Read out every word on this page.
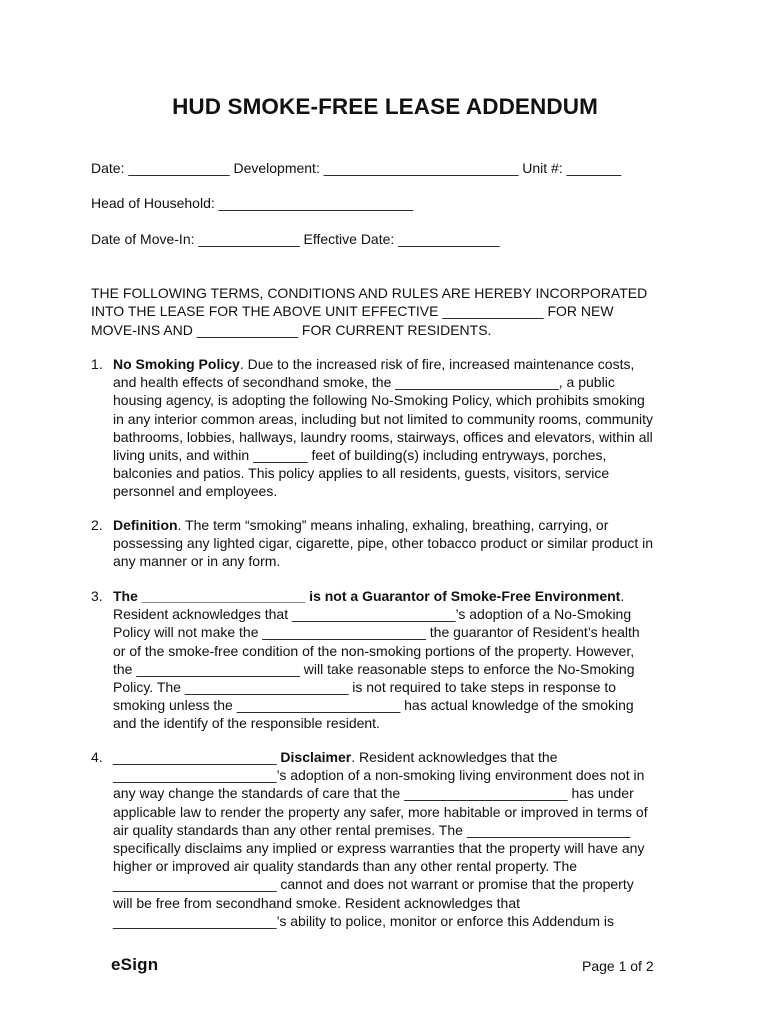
HUD SMOKE-FREE LEASE ADDENDUM
Date: _____________ Development: _________________________ Unit #: _______
Head of Household: _________________________
Date of Move-In: _____________ Effective Date: _____________
THE FOLLOWING TERMS, CONDITIONS AND RULES ARE HEREBY INCORPORATED
INTO THE LEASE FOR THE ABOVE UNIT EFFECTIVE _____________ FOR NEW
MOVE-INS AND _____________ FOR CURRENT RESIDENTS.
1. No Smoking Policy. Due to the increased risk of fire, increased maintenance costs,
and health effects of secondhand smoke, the _____________________, a public
housing agency, is adopting the following No-Smoking Policy, which prohibits smoking
in any interior common areas, including but not limited to community rooms, community
bathrooms, lobbies, hallways, laundry rooms, stairways, offices and elevators, within all
living units, and within _______ feet of building(s) including entryways, porches,
balconies and patios. This policy applies to all residents, guests, visitors, service
personnel and employees.
2. Definition. The term “smoking” means inhaling, exhaling, breathing, carrying, or
possessing any lighted cigar, cigarette, pipe, other tobacco product or similar product in
any manner or in any form.
3. The _____________________ is not a Guarantor of Smoke-Free Environment.
Resident acknowledges that _____________________’s adoption of a No-Smoking
Policy will not make the _____________________ the guarantor of Resident’s health
or of the smoke-free condition of the non-smoking portions of the property. However,
the _____________________ will take reasonable steps to enforce the No-Smoking
Policy. The _____________________ is not required to take steps in response to
smoking unless the _____________________ has actual knowledge of the smoking
and the identify of the responsible resident.
4. _____________________ Disclaimer. Resident acknowledges that the
_____________________’s adoption of a non-smoking living environment does not in
any way change the standards of care that the _____________________ has under
applicable law to render the property any safer, more habitable or improved in terms of
air quality standards than any other rental premises. The _____________________
specifically disclaims any implied or express warranties that the property will have any
higher or improved air quality standards than any other rental property. The
_____________________ cannot and does not warrant or promise that the property
will be free from secondhand smoke. Resident acknowledges that
_____________________’s ability to police, monitor or enforce this Addendum is
eSign	Page 1 of 2
